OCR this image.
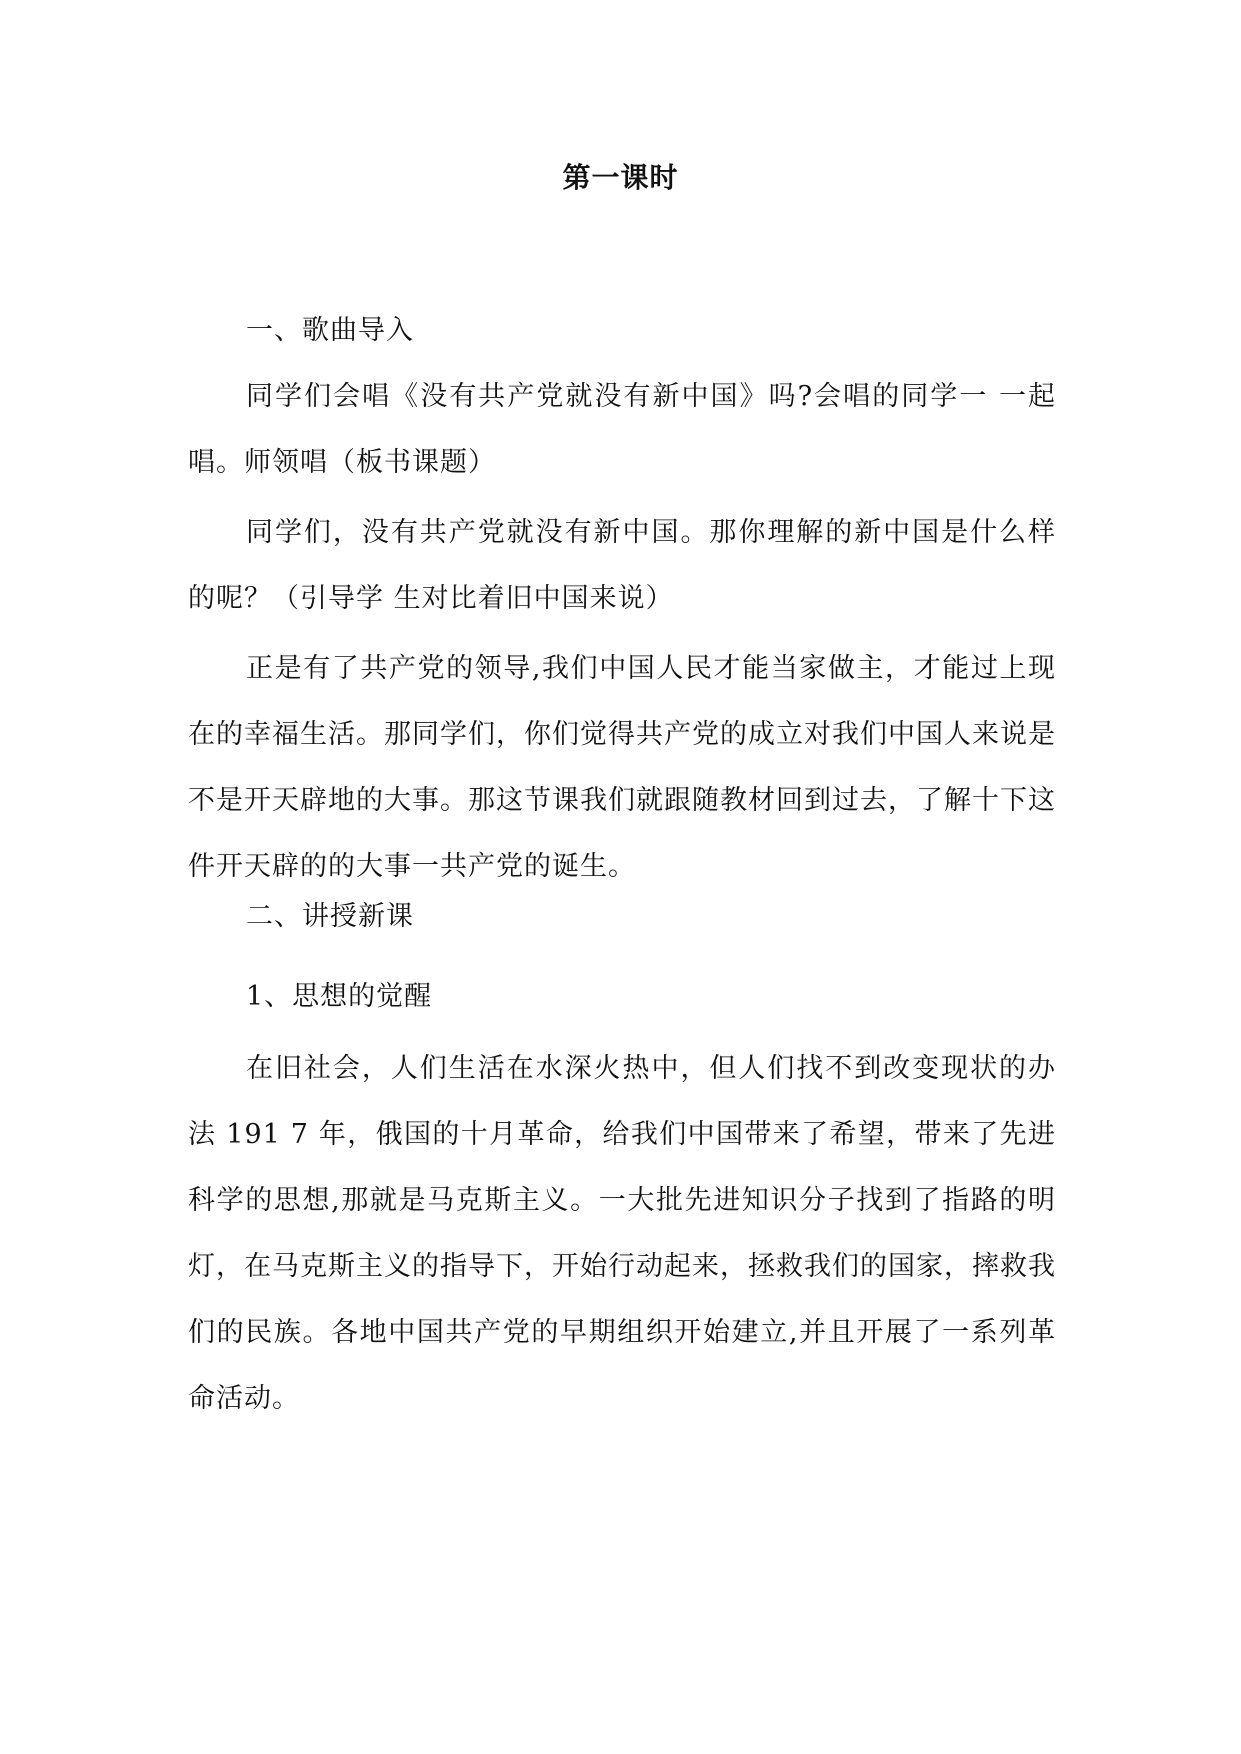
第一课时

一、歌曲导入

同学们会唱《没有共产党就没有新中国》吗?会唱的同学一 一起唱。师领唱（板书课题）

同学们，没有共产党就没有新中国。那你理解的新中国是什么样的呢？（引导学 生对比着旧中国来说）

正是有了共产党的领导,我们中国人民才能当家做主，才能过上现在的幸福生活。那同学们，你们觉得共产党的成立对我们中国人来说是不是开天辟地的大事。那这节课我们就跟随教材回到过去，了解十下这件开天辟的的大事一共产党的诞生。

二、讲授新课

1、思想的觉醒

在旧社会，人们生活在水深火热中，但人们找不到改变现状的办法 191 7 年，俄国的十月革命，给我们中国带来了希望，带来了先进科学的思想,那就是马克斯主义。一大批先进知识分子找到了指路的明灯，在马克斯主义的指导下，开始行动起来，拯救我们的国家，摔救我们的民族。各地中国共产党的早期组织开始建立,并且开展了一系列革命活动。
